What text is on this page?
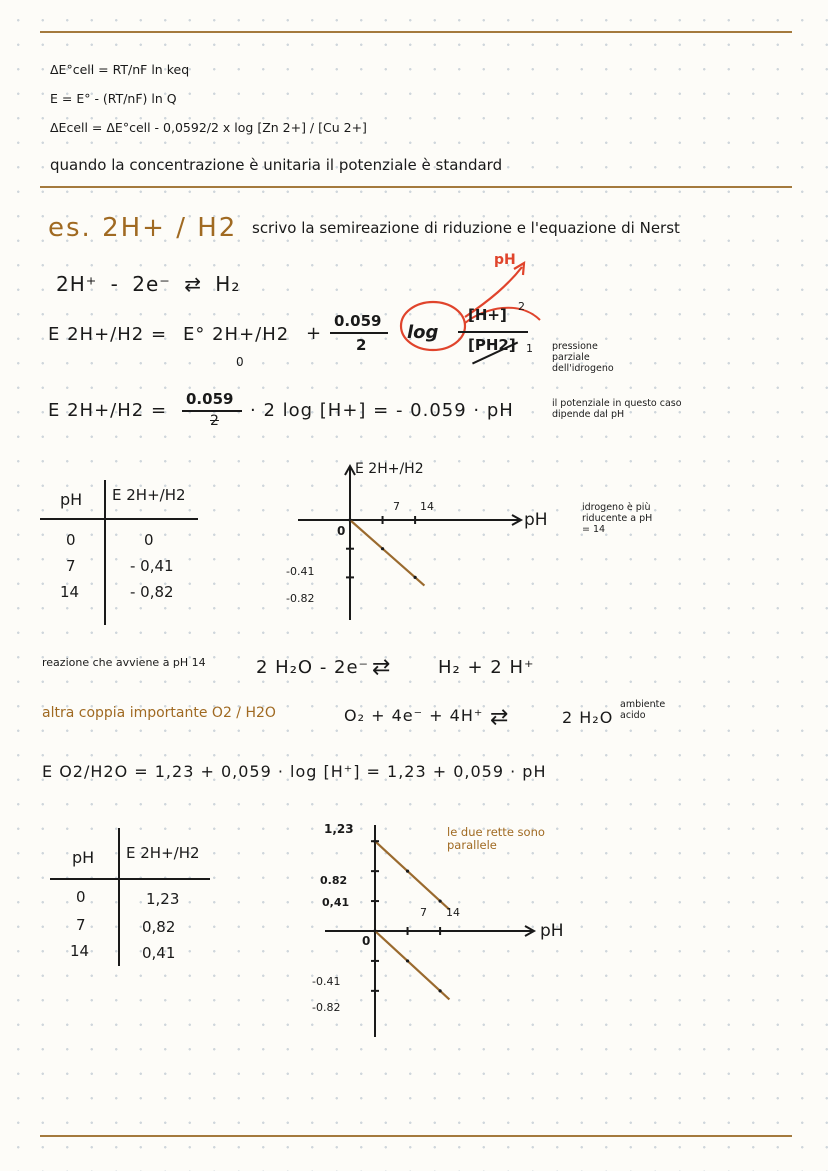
ΔE°cell = RT/nF ln keq
E = E° - (RT/nF) ln Q
ΔEcell = ΔE°cell - 0,0592/2 x log [Zn 2+] / [Cu 2+]
quando la concentrazione è unitaria il potenziale è standard
es. 2H+ / H2 scrivo la semireazione di riduzione e l'equazione di Nerst
2H⁺ - 2e⁻ ⇄ H₂
pH
E 2H+/H2 = E° 2H+/H2
0
+
0.059
2
log
[H+] 2
[PH2] 1 pressione parziale dell'idrogeno
E 2H+/H2 =
0.059
2 · 2 log [H+] = - 0.059 · pH	il potenziale in questo caso dipende dal pH
pH E 2H+/H2
0	0
7	- 0,41
14	- 0,82
E 2H+/H2
pH
0
7 14
-0.41
-0.82
idrogeno è più riducente a pH = 14
reazione che avviene a pH 14	2 H₂O - 2e⁻ ⇄	H₂ + 2 H⁺
altra coppia importante O2 / H2O	O₂ + 4e⁻ + 4H⁺ ⇄	2 H₂O
ambiente acido
E O2/H2O = 1,23 + 0,059 · log [H⁺] = 1,23 + 0,059 · pH
pH E 2H+/H2
0	1,23
7	0,82
14	0,41
pH
0
7 14
1,23
0.82
0,41
-0.41
-0.82
le due rette sono parallele
